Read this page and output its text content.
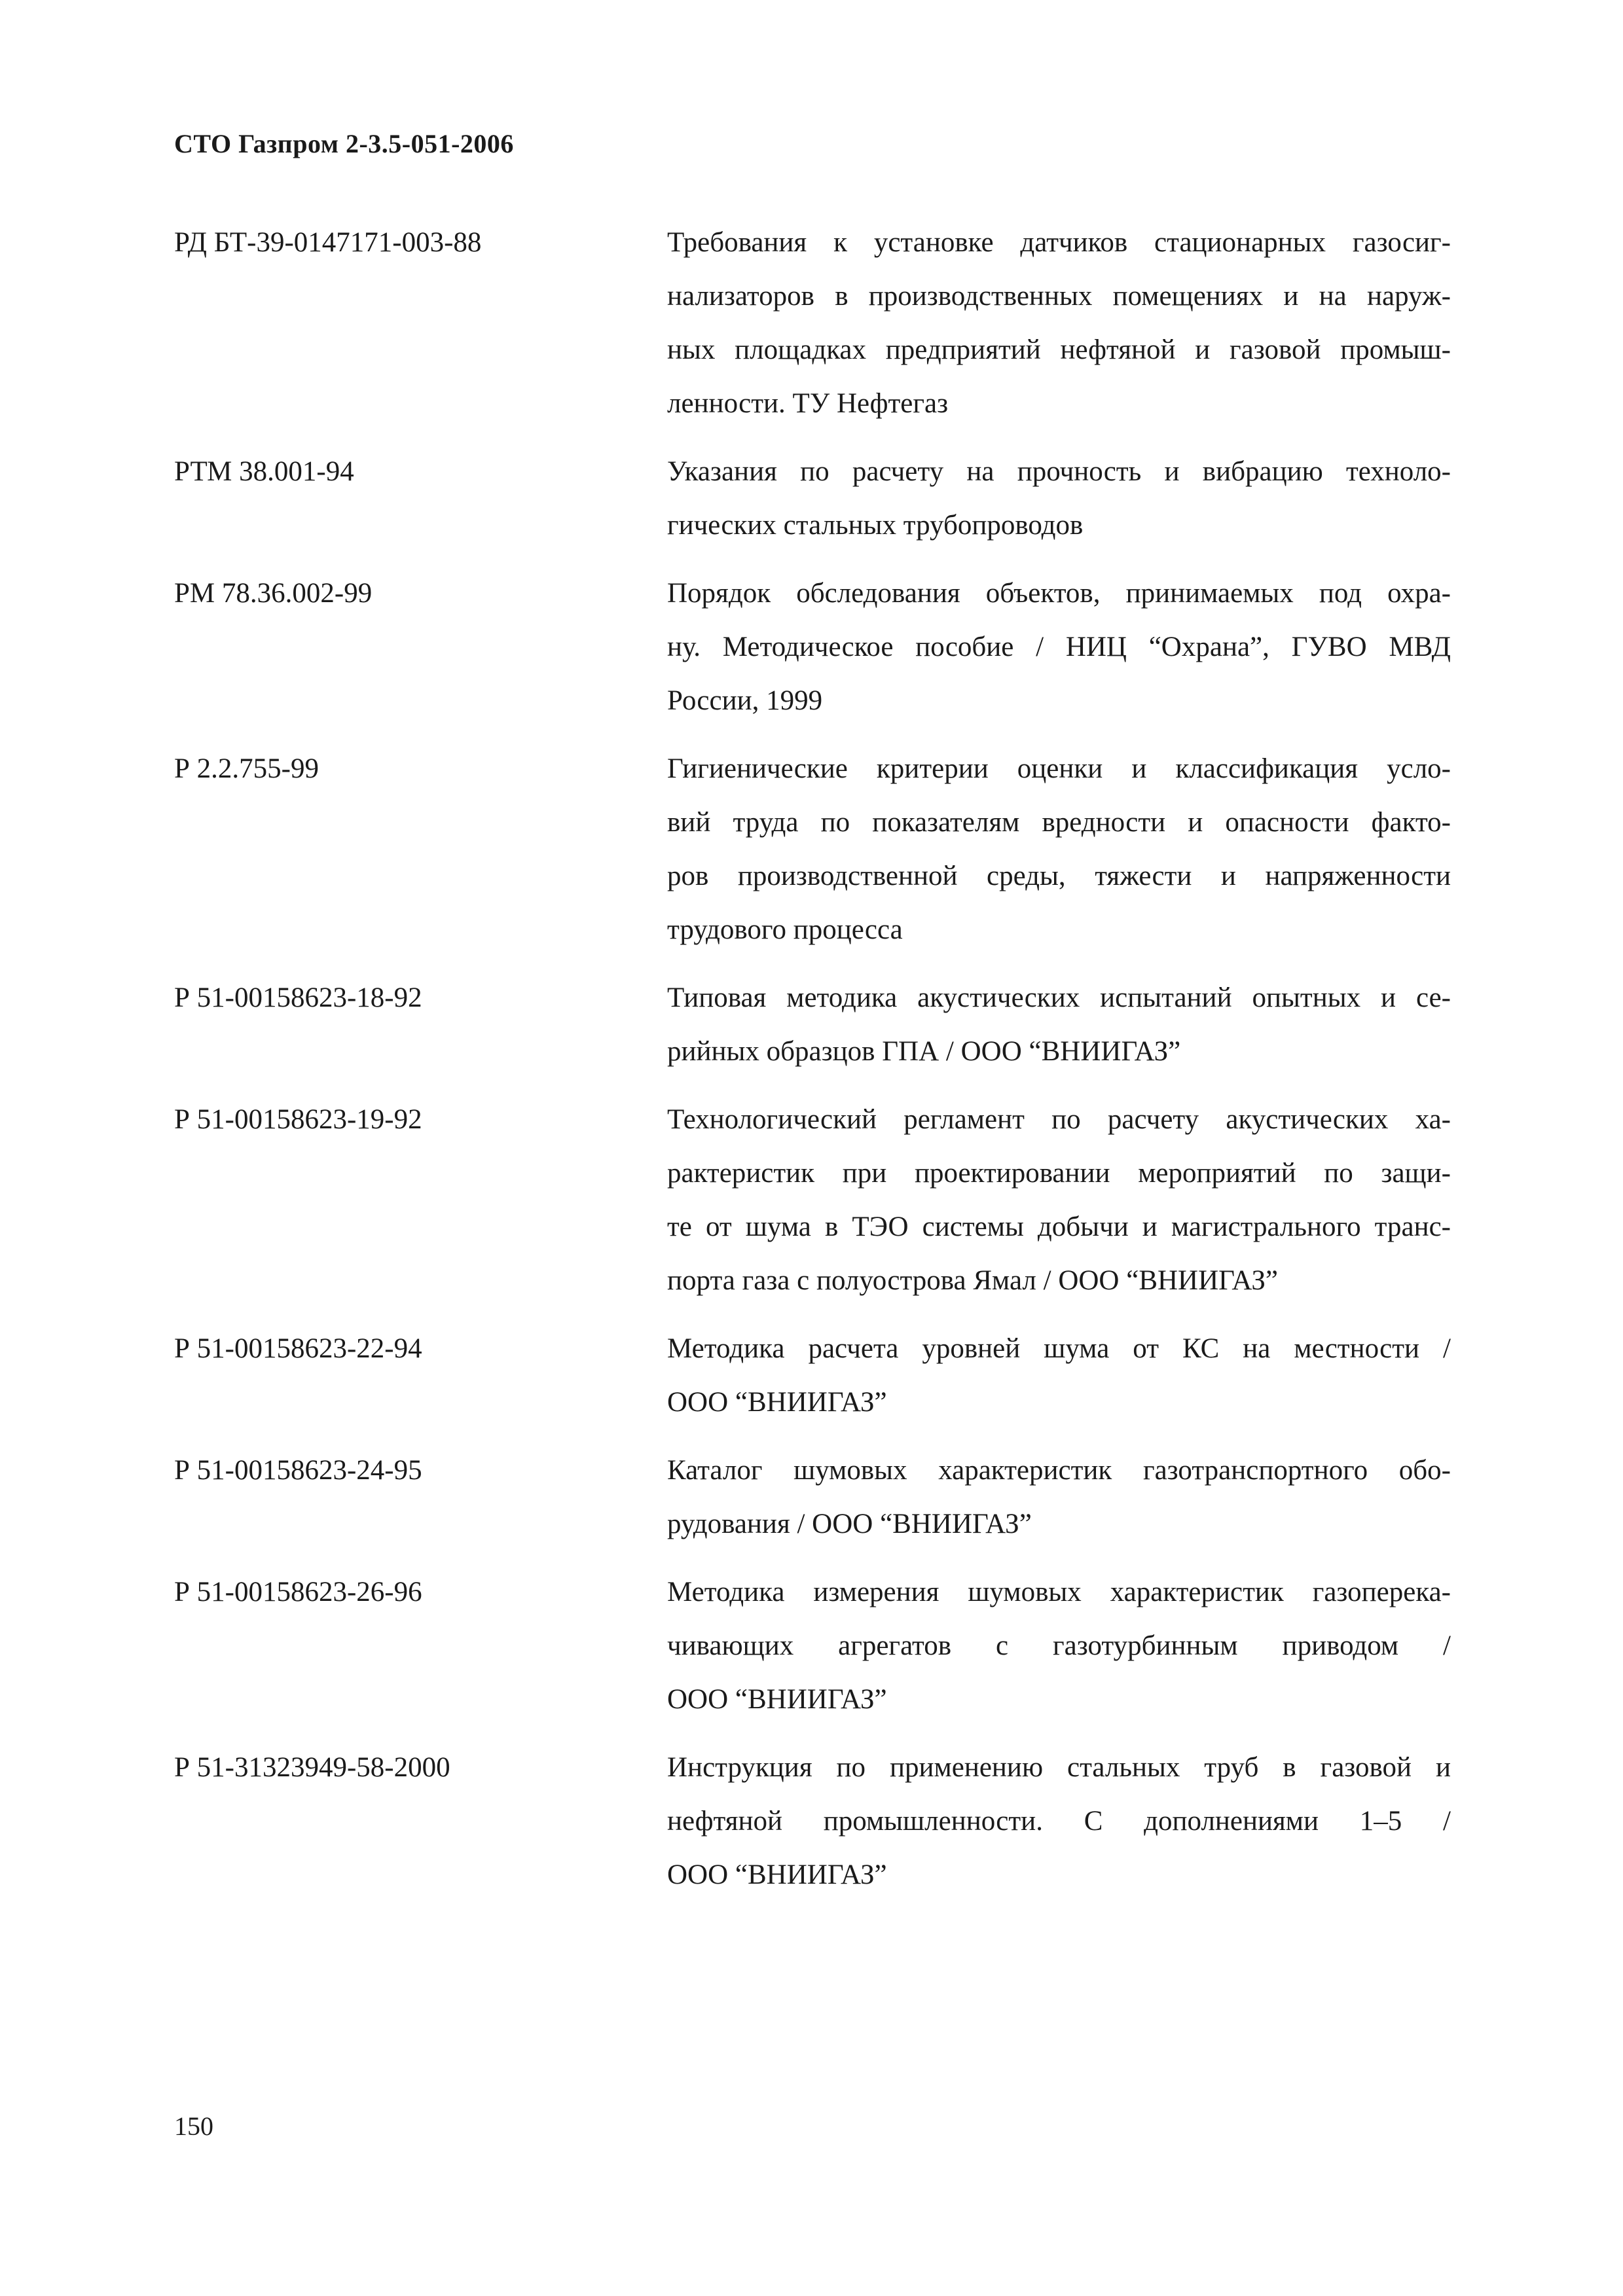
СТО Газпром 2-3.5-051-2006
РД БТ-39-0147171-003-88	Требования к установке датчиков стационарных газосиг-
нализаторов в производственных помещениях и на наруж-
ных площадках предприятий нефтяной и газовой промыш-
ленности. ТУ Нефтегаз
РТМ 38.001-94	Указания по расчету на прочность и вибрацию техноло-
гических стальных трубопроводов
РМ 78.36.002-99	Порядок обследования объектов, принимаемых под охра-
ну. Методическое пособие / НИЦ “Охрана”, ГУВО МВД
России, 1999
Р 2.2.755-99	Гигиенические критерии оценки и классификация усло-
вий труда по показателям вредности и опасности факто-
ров производственной среды, тяжести и напряженности
трудового процесса
Р 51-00158623-18-92	Типовая методика акустических испытаний опытных и се-
рийных образцов ГПА / ООО “ВНИИГАЗ”
Р 51-00158623-19-92	Технологический регламент по расчету акустических ха-
рактеристик при проектировании мероприятий по защи-
те от шума в ТЭО системы добычи и магистрального транс-
порта газа с полуострова Ямал / ООО “ВНИИГАЗ”
Р 51-00158623-22-94	Методика расчета уровней шума от КС на местности /
ООО “ВНИИГАЗ”
Р 51-00158623-24-95	Каталог шумовых характеристик газотранспортного обо-
рудования / ООО “ВНИИГАЗ”
Р 51-00158623-26-96	Методика измерения шумовых характеристик газоперека-
чивающих агрегатов с газотурбинным приводом /
ООО “ВНИИГАЗ”
Р 51-31323949-58-2000	Инструкция по применению стальных труб в газовой и
нефтяной промышленности. С дополнениями 1–5 /
ООО “ВНИИГАЗ”
150
